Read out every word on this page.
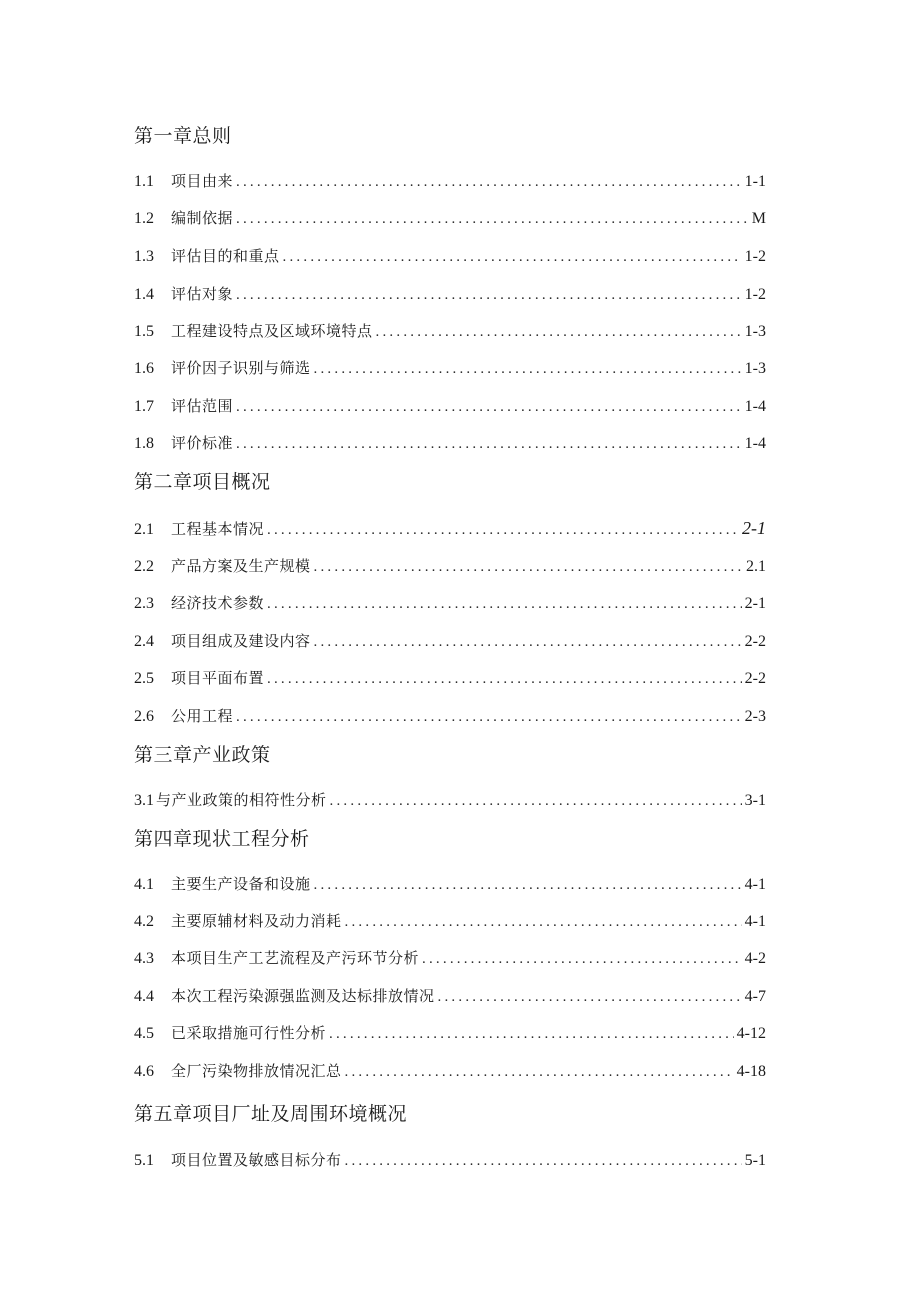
第一章总则
1.1	项目由来 .....	1-1
1.2	编制依据 .....	M
1.3	评估目的和重点 .....	1-2
1.4	评估对象 .....	1-2
1.5	工程建设特点及区域环境特点 .....	1-3
1.6	评价因子识别与筛选 .....	1-3
1.7	评估范围 .....	1-4
1.8	评价标准 .....	1-4
第二章项目概况
2.1	工程基本情况 .....	2-1
2.2	产品方案及生产规模 .....	2.1
2.3	经济技术参数 .....	2-1
2.4	项目组成及建设内容 .....	2-2
2.5	项目平面布置 .....	2-2
2.6	公用工程 .....	2-3
第三章产业政策
3.1 与产业政策的相符性分析 .....	3-1
第四章现状工程分析
4.1	主要生产设备和设施 .....	4-1
4.2	主要原辅材料及动力消耗 .....	4-1
4.3	本项目生产工艺流程及产污环节分析 .....	4-2
4.4	本次工程污染源强监测及达标排放情况 .....	4-7
4.5	已采取措施可行性分析 .....	4-12
4.6	全厂污染物排放情况汇总 .....	4-18
第五章项目厂址及周围环境概况
5.1	项目位置及敏感目标分布 .....	5-1
